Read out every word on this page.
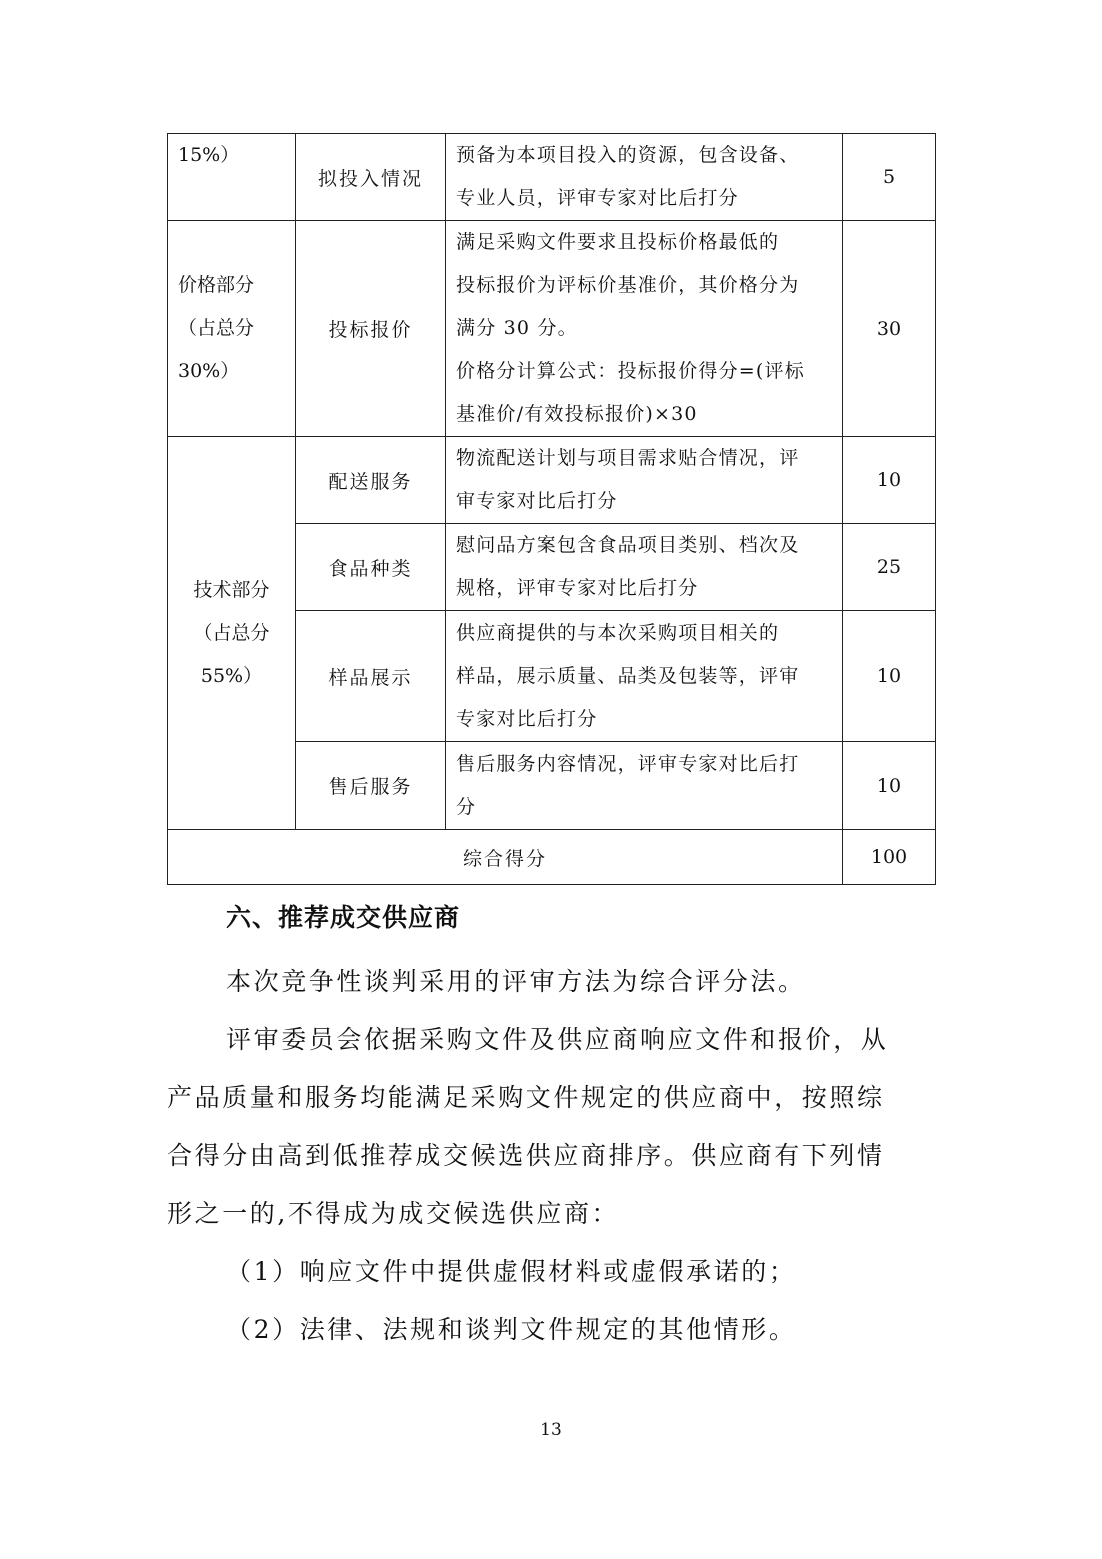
15%）	拟投入情况	预备为本项目投入的资源，包含设备、
专业人员，评审专家对比后打分	5

价格部分
（占总分
30%）	投标报价	满足采购文件要求且投标价格最低的
投标报价为评标价基准价，其价格分为
满分 30 分。
价格分计算公式：投标报价得分=(评标
基准价/有效投标报价)×30	30

技术部分
（占总分
55%）	配送服务	物流配送计划与项目需求贴合情况，评
审专家对比后打分	10
	食品种类	慰问品方案包含食品项目类别、档次及
规格，评审专家对比后打分	25
	样品展示	供应商提供的与本次采购项目相关的
样品，展示质量、品类及包装等，评审
专家对比后打分	10
	售后服务	售后服务内容情况，评审专家对比后打
分	10
综合得分			100
六、推荐成交供应商
本次竞争性谈判采用的评审方法为综合评分法。
评审委员会依据采购文件及供应商响应文件和报价，从
产品质量和服务均能满足采购文件规定的供应商中，按照综
合得分由高到低推荐成交候选供应商排序。供应商有下列情
形之一的,不得成为成交候选供应商：
（1）响应文件中提供虚假材料或虚假承诺的；
（2）法律、法规和谈判文件规定的其他情形。
13
